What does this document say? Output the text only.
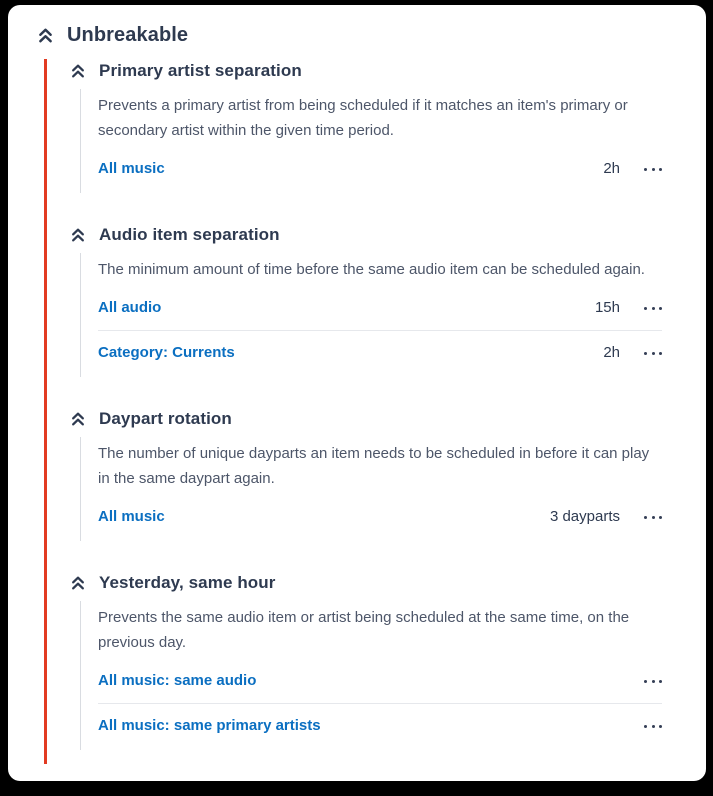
Unbreakable
Primary artist separation

Prevents a primary artist from being scheduled if it matches an item's primary or secondary artist within the given time period.

All music	2h
Audio item separation

The minimum amount of time before the same audio item can be scheduled again.

All audio	15h
Category: Currents	2h
Daypart rotation

The number of unique dayparts an item needs to be scheduled in before it can play in the same daypart again.

All music	3 dayparts
Yesterday, same hour

Prevents the same audio item or artist being scheduled at the same time, on the previous day.

All music: same audio
All music: same primary artists
